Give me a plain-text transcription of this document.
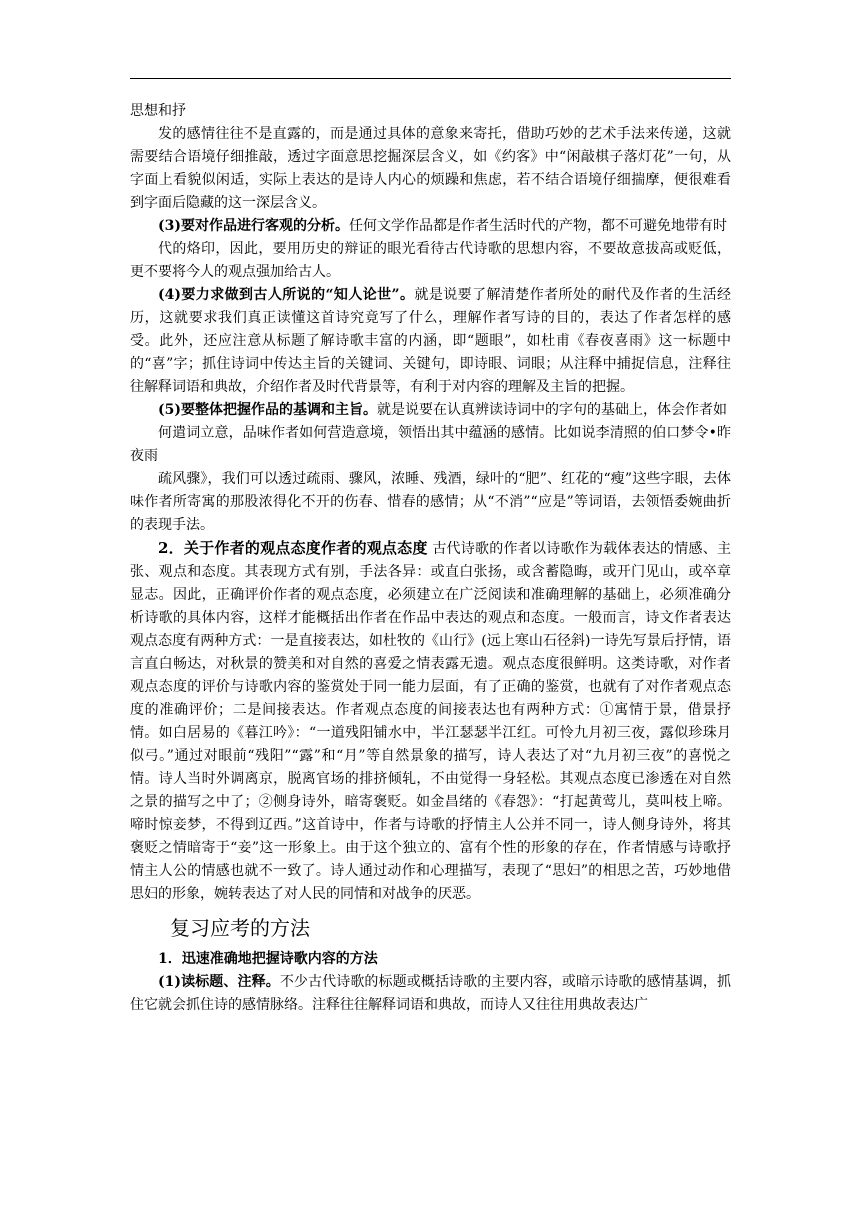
思想和抒

发的感情往往不是直露的，而是通过具体的意象来寄托，借助巧妙的艺术手法来传递，这就需要结合语境仔细推敲，透过字面意思挖掘深层含义，如《约客》中“闲敲棋子落灯花”一句，从字面上看貌似闲适，实际上表达的是诗人内心的烦躁和焦虑，若不结合语境仔细揣摩，便很难看到字面后隐藏的这一深层含义。

(3)要对作品进行客观的分析。任何文学作品都是作者生活时代的产物，都不可避免地带有时

代的烙印，因此，要用历史的辩证的眼光看待古代诗歌的思想内容，不要故意拔高或贬低，更不要将今人的观点强加给古人。

(4)要力求做到古人所说的“知人论世”。就是说要了解清楚作者所处的耐代及作者的生活经历，这就要求我们真正读懂这首诗究竟写了什么，理解作者写诗的目的，表达了作者怎样的感受。此外，还应注意从标题了解诗歌丰富的内涵，即“题眼”，如杜甫《春夜喜雨》这一标题中的“喜”字；抓住诗词中传达主旨的关键词、关键句，即诗眼、词眼；从注释中捕捉信息，注释往往解释词语和典故，介绍作者及时代背景等，有利于对内容的理解及主旨的把握。

(5)要整体把握作品的基调和主旨。就是说要在认真辨读诗词中的字句的基础上，体会作者如

何遣词立意，品味作者如何营造意境，领悟出其中蕴涵的感情。比如说李清照的伯口梦令•昨夜雨

疏风骤》，我们可以透过疏雨、骤风，浓睡、残酒，绿叶的“肥”、红花的“瘦”这些字眼，去体味作者所寄寓的那股浓得化不开的伤春、惜春的感情；从“不消”“应是”等词语，去领悟委婉曲折的表现手法。

2．关于作者的观点态度作者的观点态度 古代诗歌的作者以诗歌作为载体表达的情感、主张、观点和态度。其表现方式有别，手法各异：或直白张扬，或含蓄隐晦，或开门见山，或卒章显志。因此，正确评价作者的观点态度，必须建立在广泛阅读和准确理解的基础上，必须准确分析诗歌的具体内容，这样才能概括出作者在作品中表达的观点和态度。一般而言，诗文作者表达观点态度有两种方式：一是直接表达，如杜牧的《山行》(远上寒山石径斜)一诗先写景后抒情，语言直白畅达，对秋景的赞美和对自然的喜爱之情表露无遗。观点态度很鲜明。这类诗歌，对作者观点态度的评价与诗歌内容的鉴赏处于同一能力层面，有了正确的鉴赏，也就有了对作者观点态度的准确评价；二是间接表达。作者观点态度的间接表达也有两种方式：①寓情于景，借景抒情。如白居易的《暮江吟》：“一道残阳铺水中，半江瑟瑟半江红。可怜九月初三夜，露似珍珠月似弓。”通过对眼前“残阳”“露”和“月”等自然景象的描写，诗人表达了对“九月初三夜”的喜悦之情。诗人当时外调离京，脱离官场的排挤倾轧，不由觉得一身轻松。其观点态度已渗透在对自然之景的描写之中了；②侧身诗外，暗寄褒贬。如金昌绪的《春怨》：“打起黄莺儿，莫叫枝上啼。啼时惊妾梦，不得到辽西。”这首诗中，作者与诗歌的抒情主人公并不同一，诗人侧身诗外，将其褒贬之情暗寄于“妾”这一形象上。由于这个独立的、富有个性的形象的存在，作者情感与诗歌抒情主人公的情感也就不一致了。诗人通过动作和心理描写，表现了“思妇”的相思之苦，巧妙地借思妇的形象，婉转表达了对人民的同情和对战争的厌恶。

复习应考的方法

1．迅速准确地把握诗歌内容的方法

(1)读标题、注释。不少古代诗歌的标题或概括诗歌的主要内容，或暗示诗歌的感情基调，抓住它就会抓住诗的感情脉络。注释往往解释词语和典故，而诗人又往往用典故表达广
